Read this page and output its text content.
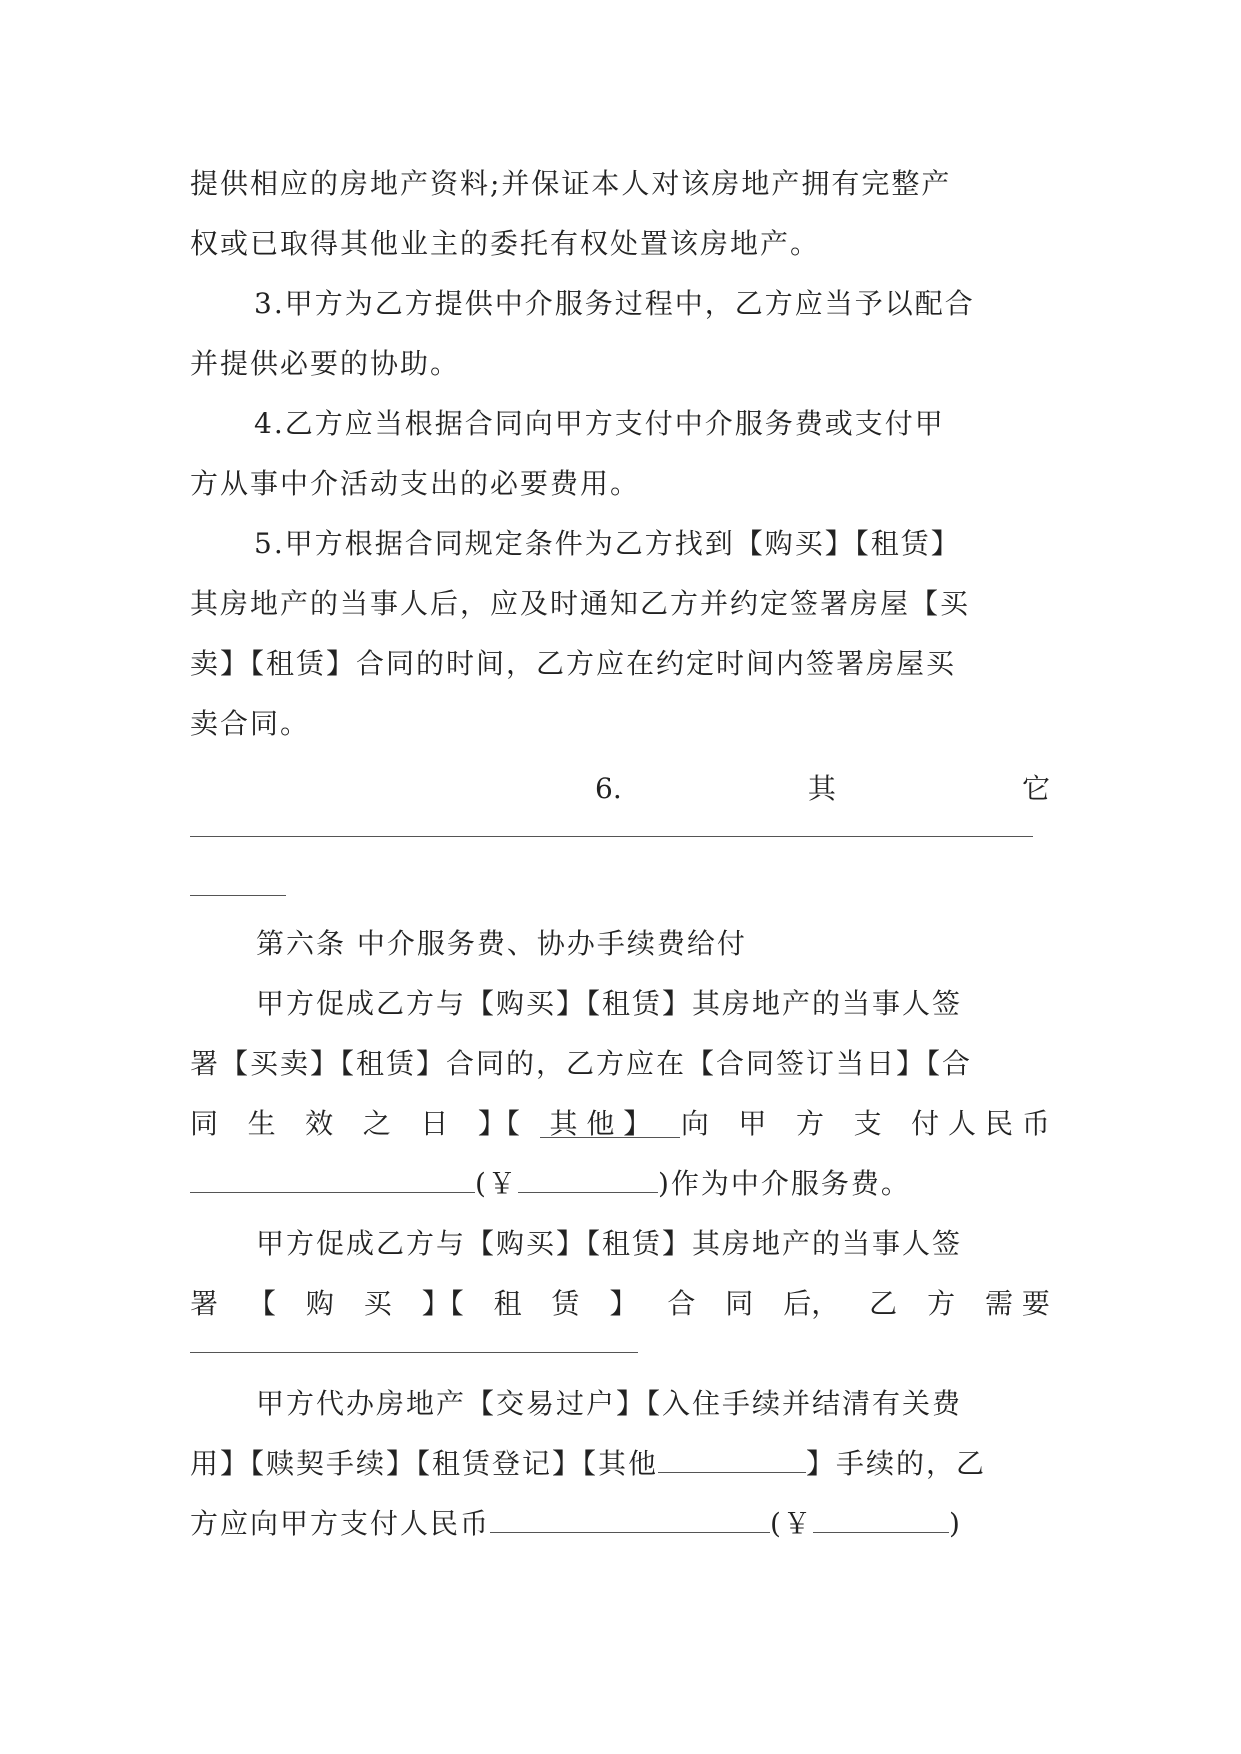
提供相应的房地产资料;并保证本人对该房地产拥有完整产
权或已取得其他业主的委托有权处置该房地产。
3.甲方为乙方提供中介服务过程中，乙方应当予以配合
并提供必要的协助。
4.乙方应当根据合同向甲方支付中介服务费或支付甲
方从事中介活动支出的必要费用。
5.甲方根据合同规定条件为乙方找到【购买】【租赁】
其房地产的当事人后，应及时通知乙方并约定签署房屋【买
卖】【租赁】合同的时间，乙方应在约定时间内签署房屋买
卖合同。
6.	其	它
第六条 中介服务费、协办手续费给付
甲方促成乙方与【购买】【租赁】其房地产的当事人签
署【买卖】【租赁】合同的，乙方应在【合同签订当日】【合
同 生 效 之 日 】【 其 他 】 向 甲 方 支 付 人 民 币
(￥	)作为中介服务费。
甲方促成乙方与【购买】【租赁】其房地产的当事人签
署 【 购 买 】【 租 赁 】 合 同 后， 乙 方 需 要
甲方代办房地产【交易过户】【入住手续并结清有关费
用】【赎契手续】【租赁登记】【其他	】手续的，乙
方应向甲方支付人民币	(￥	)
